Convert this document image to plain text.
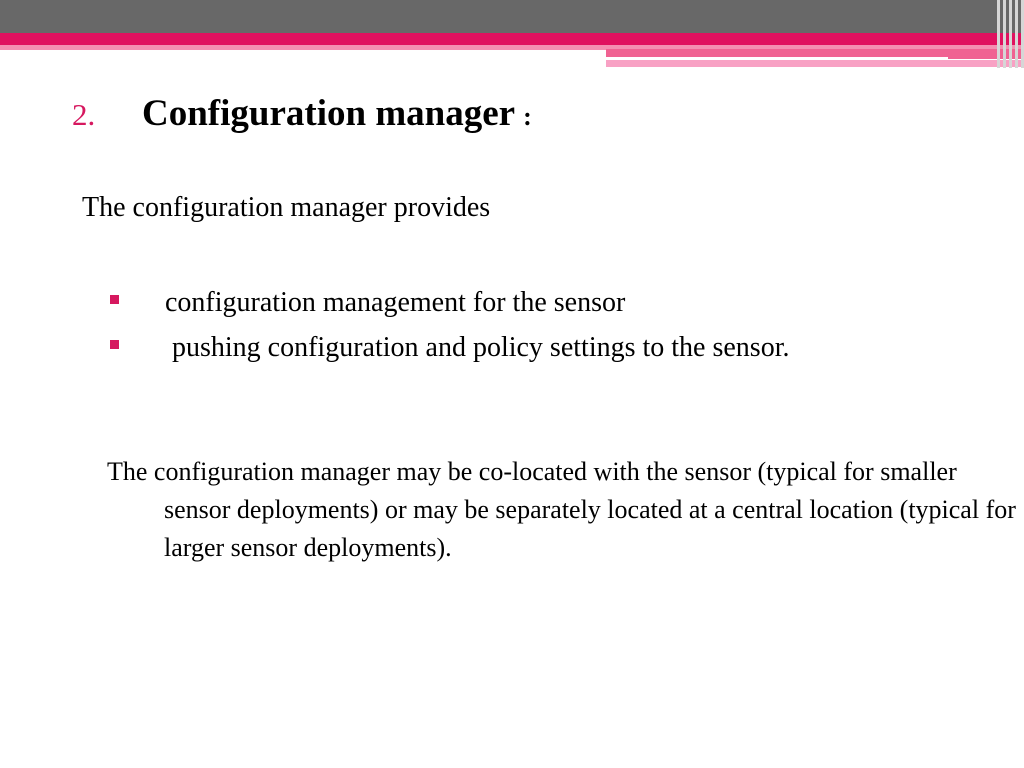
2.	Configuration manager :
The configuration manager provides
configuration management for the sensor
pushing configuration and policy settings to the sensor.
The configuration manager may be co-located with the sensor (typical for smaller sensor deployments) or may be separately located at a central location (typical for larger sensor deployments).
